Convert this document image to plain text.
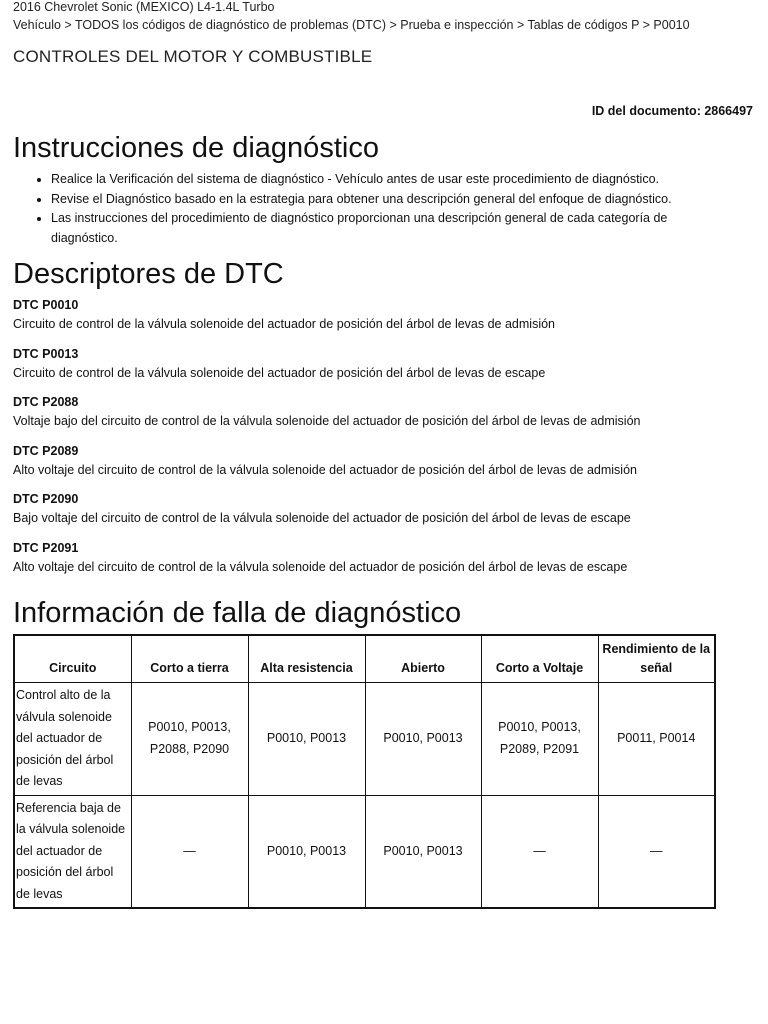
2016 Chevrolet Sonic (MEXICO) L4-1.4L Turbo
Vehículo > TODOS los códigos de diagnóstico de problemas (DTC) > Prueba e inspección > Tablas de códigos P > P0010
CONTROLES DEL MOTOR Y COMBUSTIBLE
ID del documento: 2866497
Instrucciones de diagnóstico
• Realice la Verificación del sistema de diagnóstico - Vehículo antes de usar este procedimiento de diagnóstico.
• Revise el Diagnóstico basado en la estrategia para obtener una descripción general del enfoque de diagnóstico.
• Las instrucciones del procedimiento de diagnóstico proporcionan una descripción general de cada categoría de diagnóstico.
Descriptores de DTC
DTC P0010
Circuito de control de la válvula solenoide del actuador de posición del árbol de levas de admisión
DTC P0013
Circuito de control de la válvula solenoide del actuador de posición del árbol de levas de escape
DTC P2088
Voltaje bajo del circuito de control de la válvula solenoide del actuador de posición del árbol de levas de admisión
DTC P2089
Alto voltaje del circuito de control de la válvula solenoide del actuador de posición del árbol de levas de admisión
DTC P2090
Bajo voltaje del circuito de control de la válvula solenoide del actuador de posición del árbol de levas de escape
DTC P2091
Alto voltaje del circuito de control de la válvula solenoide del actuador de posición del árbol de levas de escape
Información de falla de diagnóstico
Circuito	Corto a tierra	Alta resistencia	Abierto	Corto a Voltaje	Rendimiento de la señal
Control alto de la válvula solenoide del actuador de posición del árbol de levas	P0010, P0013, P2088, P2090	P0010, P0013	P0010, P0013	P0010, P0013, P2089, P2091	P0011, P0014
Referencia baja de la válvula solenoide del actuador de posición del árbol de levas	—	P0010, P0013	P0010, P0013	—	—
